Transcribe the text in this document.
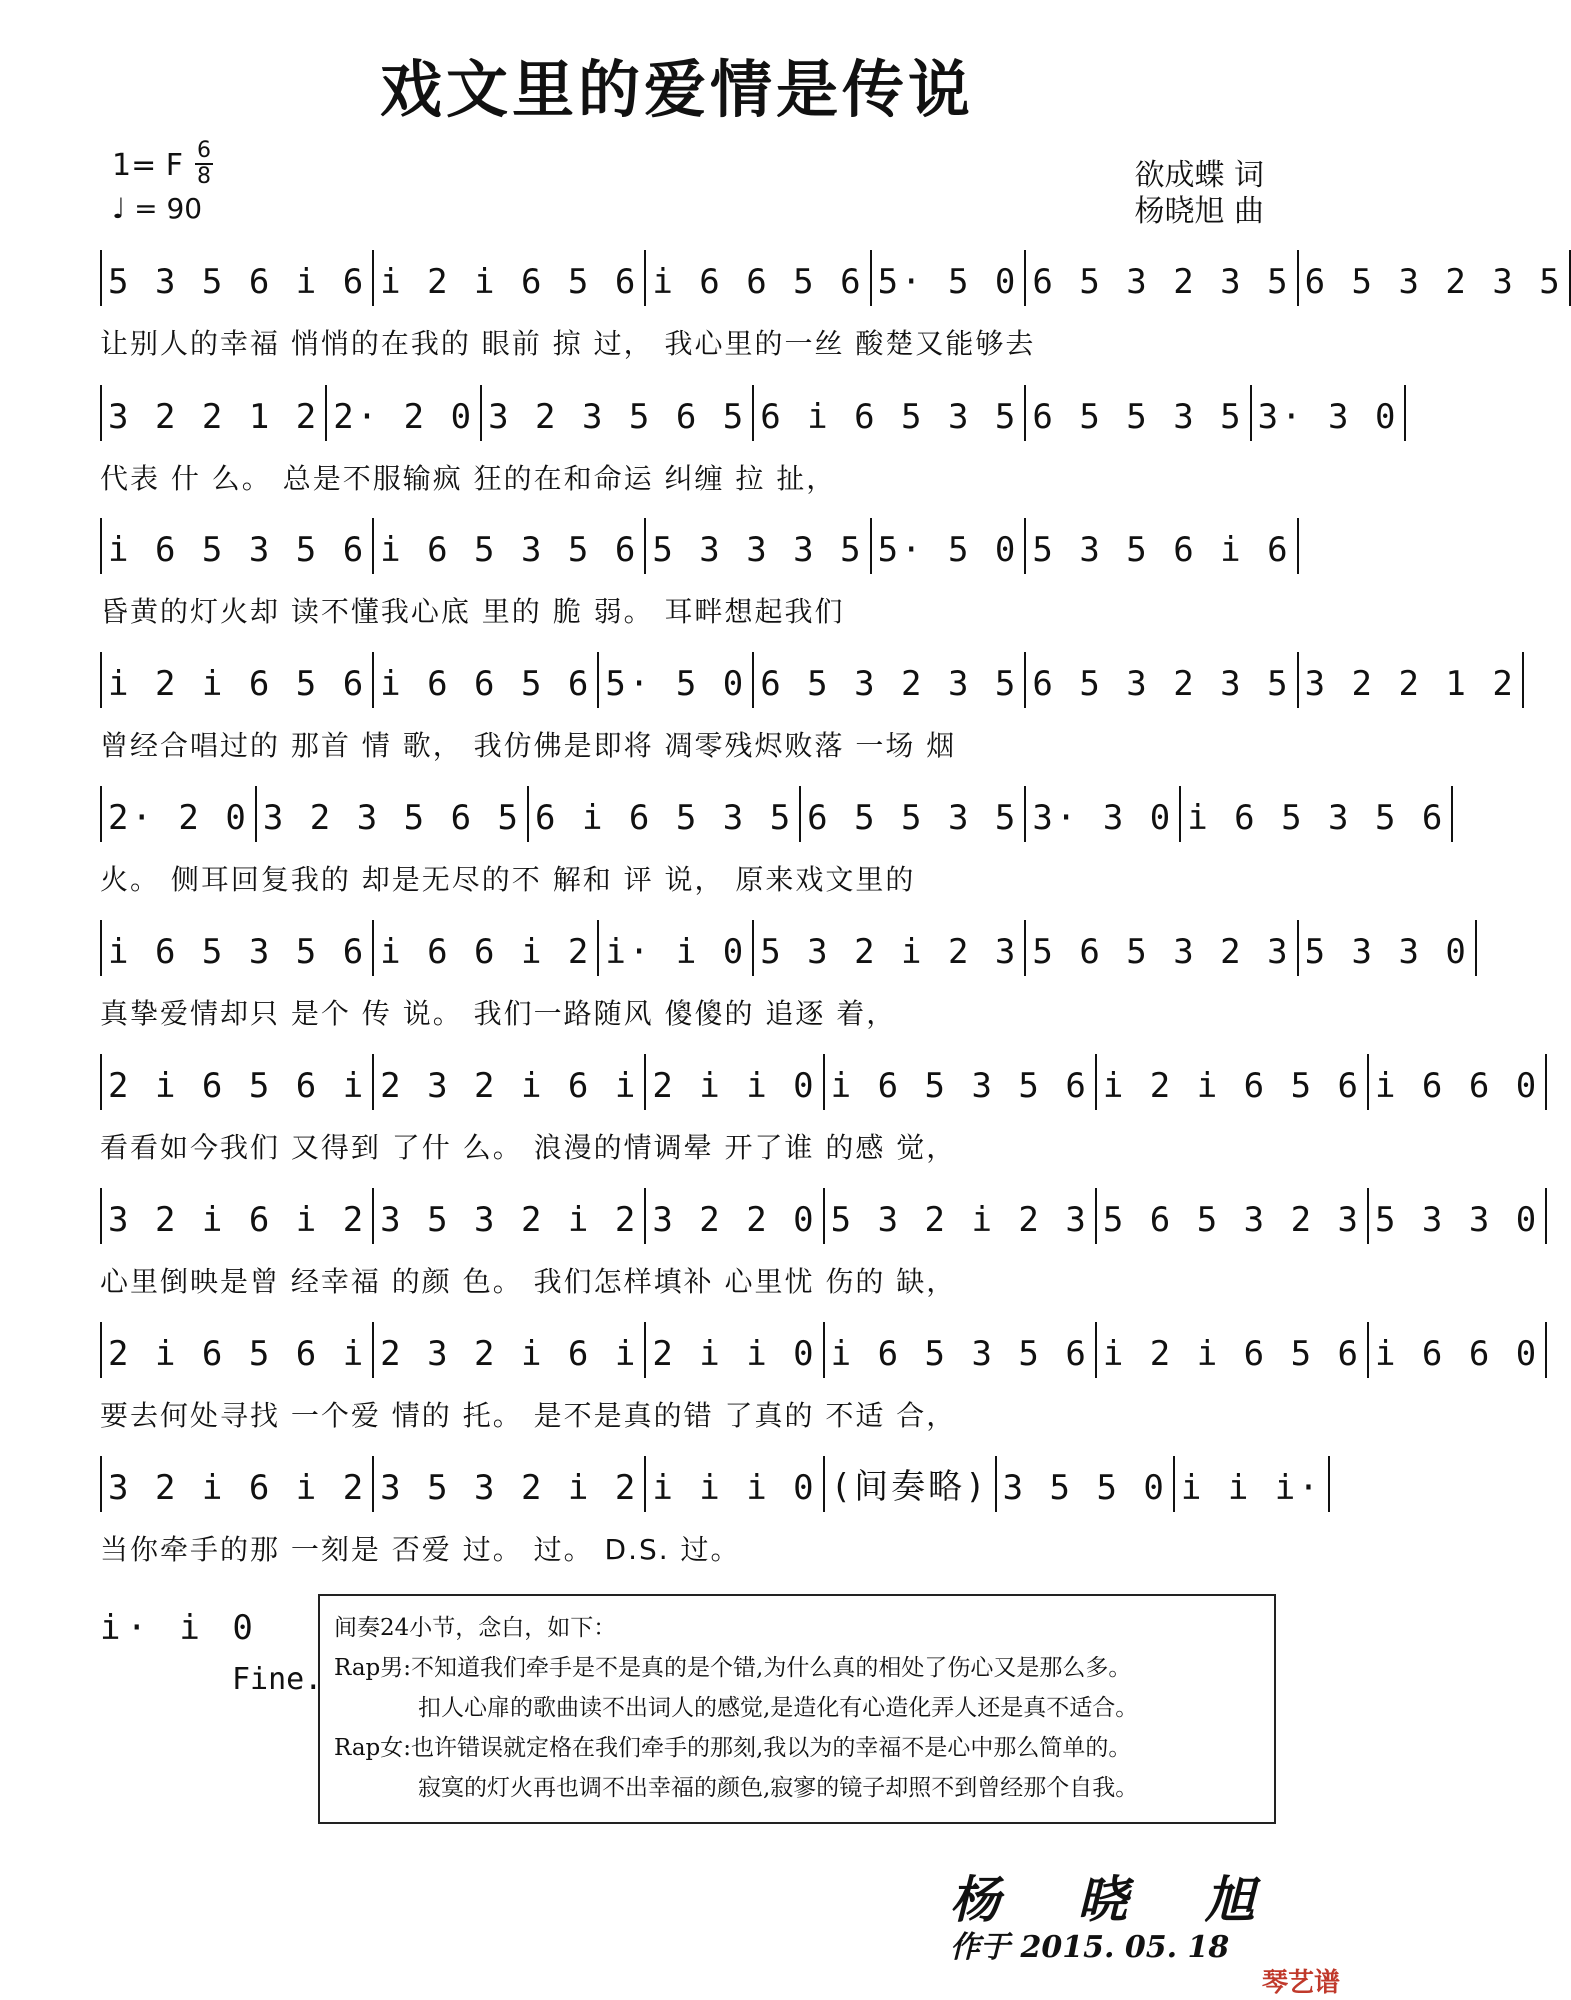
戏文里的爱情是传说
1= F 6
8
♩ = 90
欲成蝶 词
杨晓旭 曲
5 3 5 6 i 6 i 2 i 6 5 6 i 6 6 5 6 5· 5 0 6 5 3 2 3 5 6 5 3 2 3 5
让别人的幸福 悄悄的在我的 眼前 掠 过， 我心里的一丝 酸楚又能够去
3 2 2 1 2 2· 2 0 3 2 3 5 6 5 6 i 6 5 3 5 6 5 5 3 5 3· 3 0
代表 什 么。 总是不服输疯 狂的在和命运 纠缠 拉 扯，
i 6 5 3 5 6 i 6 5 3 5 6 5 3 3 3 5 5· 5 0 5 3 5 6 i 6
昏黄的灯火却 读不懂我心底 里的 脆 弱。 耳畔想起我们
i 2 i 6 5 6 i 6 6 5 6 5· 5 0 6 5 3 2 3 5 6 5 3 2 3 5 3 2 2 1 2
曾经合唱过的 那首 情 歌， 我仿佛是即将 凋零残烬败落 一场 烟
2· 2 0 3 2 3 5 6 5 6 i 6 5 3 5 6 5 5 3 5 3· 3 0 i 6 5 3 5 6
火。 侧耳回复我的 却是无尽的不 解和 评 说， 原来戏文里的
i 6 5 3 5 6 i 6 6 i 2 i· i 0 5 3 2 i 2 3 5 6 5 3 2 3 5 3 3 0
真挚爱情却只 是个 传 说。 我们一路随风 傻傻的 追逐 着，
2 i 6 5 6 i 2 3 2 i 6 i 2 i i 0 i 6 5 3 5 6 i 2 i 6 5 6 i 6 6 0
看看如今我们 又得到 了什 么。 浪漫的情调晕 开了谁 的感 觉，
3 2 i 6 i 2 3 5 3 2 i 2 3 2 2 0 5 3 2 i 2 3 5 6 5 3 2 3 5 3 3 0
心里倒映是曾 经幸福 的颜 色。 我们怎样填补 心里忧 伤的 缺，
2 i 6 5 6 i 2 3 2 i 6 i 2 i i 0 i 6 5 3 5 6 i 2 i 6 5 6 i 6 6 0
要去何处寻找 一个爱 情的 托。 是不是真的错 了真的 不适 合，
3 2 i 6 i 2 3 5 3 2 i 2 i i i 0 (间奏略) 3 5 5 0 i i i·
当你牵手的那 一刻是 否爱 过。 过。 D.S. 过。
i· i 0
Fine.
间奏24小节，念白，如下：
Rap男:不知道我们牵手是不是真的是个错,为什么真的相处了伤心又是那么多。
扣人心扉的歌曲读不出词人的感觉,是造化有心造化弄人还是真不适合。
Rap女:也许错误就定格在我们牵手的那刻,我以为的幸福不是心中那么简单的。
寂寞的灯火再也调不出幸福的颜色,寂寥的镜子却照不到曾经那个自我。
杨 晓 旭
作于 2015. 05. 18
琴艺谱
